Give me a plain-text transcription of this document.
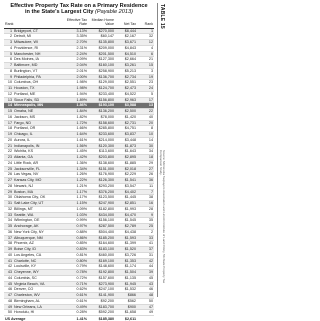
Effective Property Tax Rate on a Primary Residence
in the State's Largest City (Payable 2013)
Rank	Effective Tax Rate	Median Home Value	Net Tax	Rank
1 Bridgeport, CT	3.13%	$270,000	$8,444	1
2 Detroit, MI	3.35%	$60,147	$2,167	32
3 Milwaukee, WI	2.70%	$135,800	$3,671	12
4 Providence, RI	2.31%	$209,000	$4,843	4
5 Manchester, NH	2.24%	$201,500	$4,510	6
6 Des Moines, IA	2.09%	$127,300	$2,664	21
7 Baltimore, MD	2.04%	$160,100	$3,261	15
8 Burlington, VT	2.01%	$258,900	$5,213	3
9 Philadelphia, PA	2.00%	$136,700	$2,734	19
10 Columbus, OH	1.98%	$129,000	$2,551	23
11 Houston, TX	1.98%	$124,700	$2,473	24
12 Portland, ME	1.94%	$233,400	$4,522	5
13 Sioux Falls, SD	1.89%	$156,800	$2,963	17
14 Minneapolis, MN	1.86%	$193,100	$3,588	13
15 Omaha, NE	1.84%	$136,200	$2,500	22
16 Jackson, MS	1.82%	$78,000	$1,420	40
17 Fargo, ND	1.72%	$158,600	$2,731	20
18 Portland, OR	1.66%	$285,800	$4,751	8
19 Chicago, IL	1.64%	$233,600	$3,837	10
20 Aurora, IL	1.61%	$214,000	$3,448	14
21 Indianapolis, IN	1.56%	$120,300	$1,873	30
22 Wichita, KS	1.45%	$113,600	$1,643	34
23 Atlanta, GA	1.42%	$203,800	$2,895	18
24 Little Rock, AR	1.36%	$138,600	$1,885	29
25 Jacksonville, FL	1.34%	$151,000	$2,018	27
26 Las Vegas, NV	1.26%	$176,900	$2,229	26
27 Kansas City, MO	1.22%	$126,300	$1,541	36
28 Newark, NJ	1.21%	$293,200	$3,547	11
29 Boston, MA	1.17%	$376,200	$4,402	7
30 Oklahoma City, OK	1.17%	$123,500	$1,445	38
31 Salt Lake City, UT	1.15%	$247,900	$2,851	16
32 Billings, MT	1.09%	$182,800	$1,993	28
33 Seattle, WA	1.03%	$434,000	$4,470	9
34 Wilmington, DE	0.99%	$156,100	$1,545	35
35 Anchorage, AK	0.97%	$287,500	$2,789	25
36 New York City, NY	0.88%	$504,400	$4,438	2
37 Albuquerque, NM	0.86%	$185,200	$1,593	33
38 Phoenix, AZ	0.85%	$164,600	$1,399	41
39 Boise City, ID	0.83%	$183,100	$1,520	37
40 Los Angeles, CA	0.81%	$460,000	$3,726	31
41 Charlotte, NC	0.80%	$169,100	$1,353	42
42 Louisville, KY	0.79%	$148,600	$1,174	44
43 Cheyenne, WY	0.78%	$192,800	$1,504	39
44 Columbia, SC	0.72%	$157,600	$1,135	45
45 Virginia Beach, VA	0.71%	$273,900	$1,945	43
46 Denver, CO	0.62%	$247,100	$1,532	46
47 Charleston, WV	0.61%	$141,900	$866	48
48 Birmingham, AL	0.61%	$92,200	$562	50
49 New Orleans, LA	0.49%	$183,700	$900	47
50 Honolulu, HI	0.28%	$592,200	$1,658	49
US Average	1.41%	$185,380	$2,611	
TABLE 15
Source: Minnesota Taxpayers Association and Lincoln Institute of Land Policy, 50-State Property Tax Comparison Study.
